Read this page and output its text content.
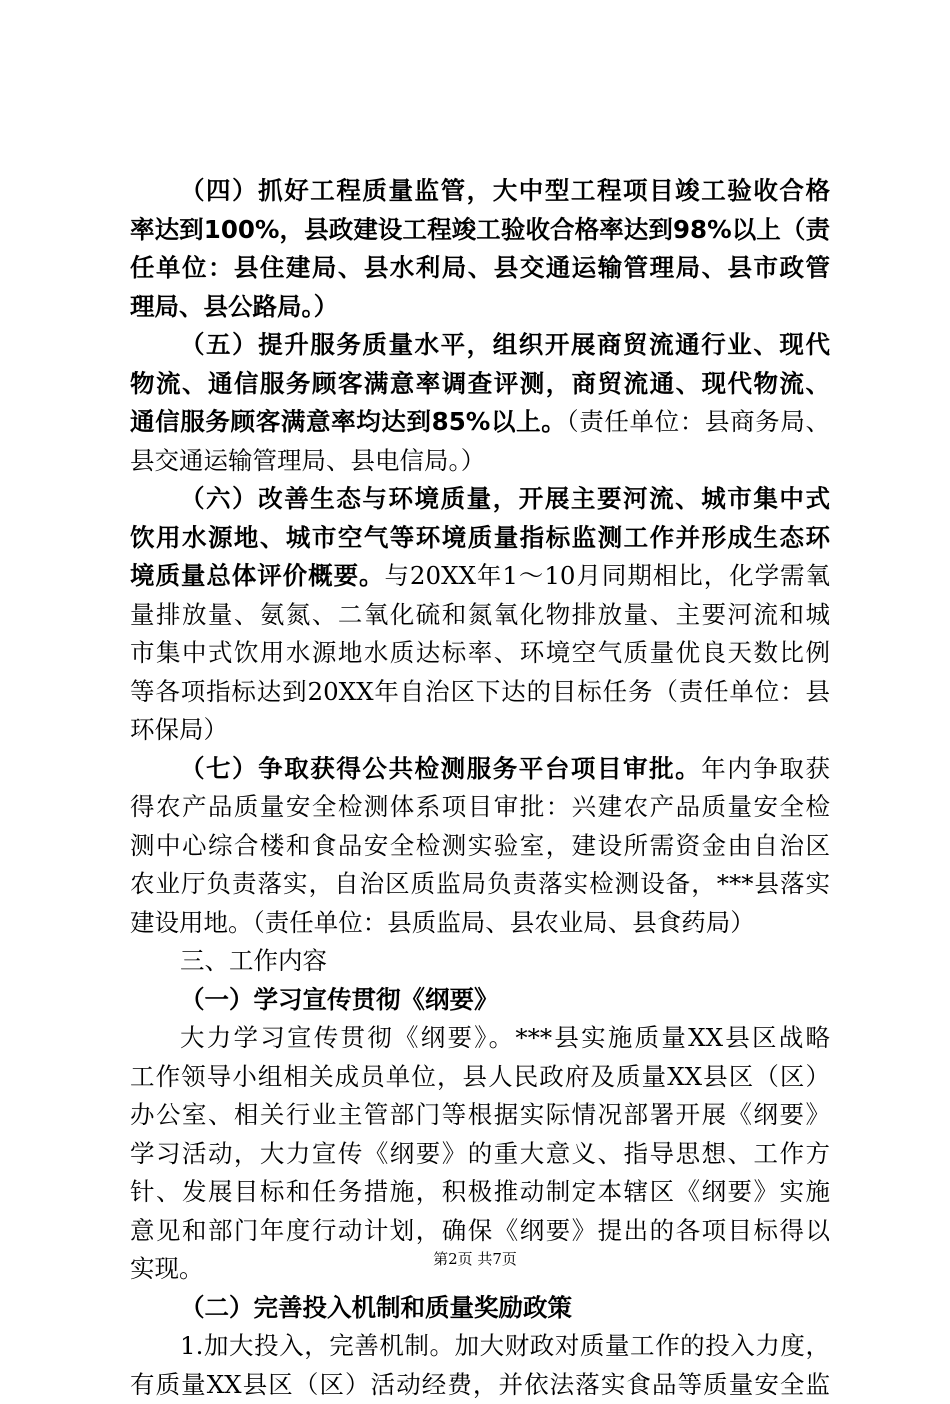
（四）抓好工程质量监管，大中型工程项目竣工验收合格
率达到100%，县政建设工程竣工验收合格率达到98%以上（责
任单位：县住建局、县水利局、县交通运输管理局、县市政管
理局、县公路局。）
（五）提升服务质量水平，组织开展商贸流通行业、现代
物流、通信服务顾客满意率调查评测，商贸流通、现代物流、
通信服务顾客满意率均达到85%以上。（责任单位：县商务局、
县交通运输管理局、县电信局。）
（六）改善生态与环境质量，开展主要河流、城市集中式
饮用水源地、城市空气等环境质量指标监测工作并形成生态环
境质量总体评价概要。与20XX年1～10月同期相比，化学需氧
量排放量、氨氮、二氧化硫和氮氧化物排放量、主要河流和城
市集中式饮用水源地水质达标率、环境空气质量优良天数比例
等各项指标达到20XX年自治区下达的目标任务（责任单位：县
环保局）
（七）争取获得公共检测服务平台项目审批。年内争取获
得农产品质量安全检测体系项目审批：兴建农产品质量安全检
测中心综合楼和食品安全检测实验室，建设所需资金由自治区
农业厅负责落实，自治区质监局负责落实检测设备，***县落实
建设用地。（责任单位：县质监局、县农业局、县食药局）
三、工作内容
（一）学习宣传贯彻《纲要》
大力学习宣传贯彻《纲要》。***县实施质量XX县区战略
工作领导小组相关成员单位，县人民政府及质量XX县区（区）
办公室、相关行业主管部门等根据实际情况部署开展《纲要》
学习活动，大力宣传《纲要》的重大意义、指导思想、工作方
针、发展目标和任务措施，积极推动制定本辖区《纲要》实施
意见和部门年度行动计划，确保《纲要》提出的各项目标得以
实现。
（二）完善投入机制和质量奖励政策
1.加大投入，完善机制。加大财政对质量工作的投入力度，
有质量XX县区（区）活动经费，并依法落实食品等质量安全监
第2页 共7页
